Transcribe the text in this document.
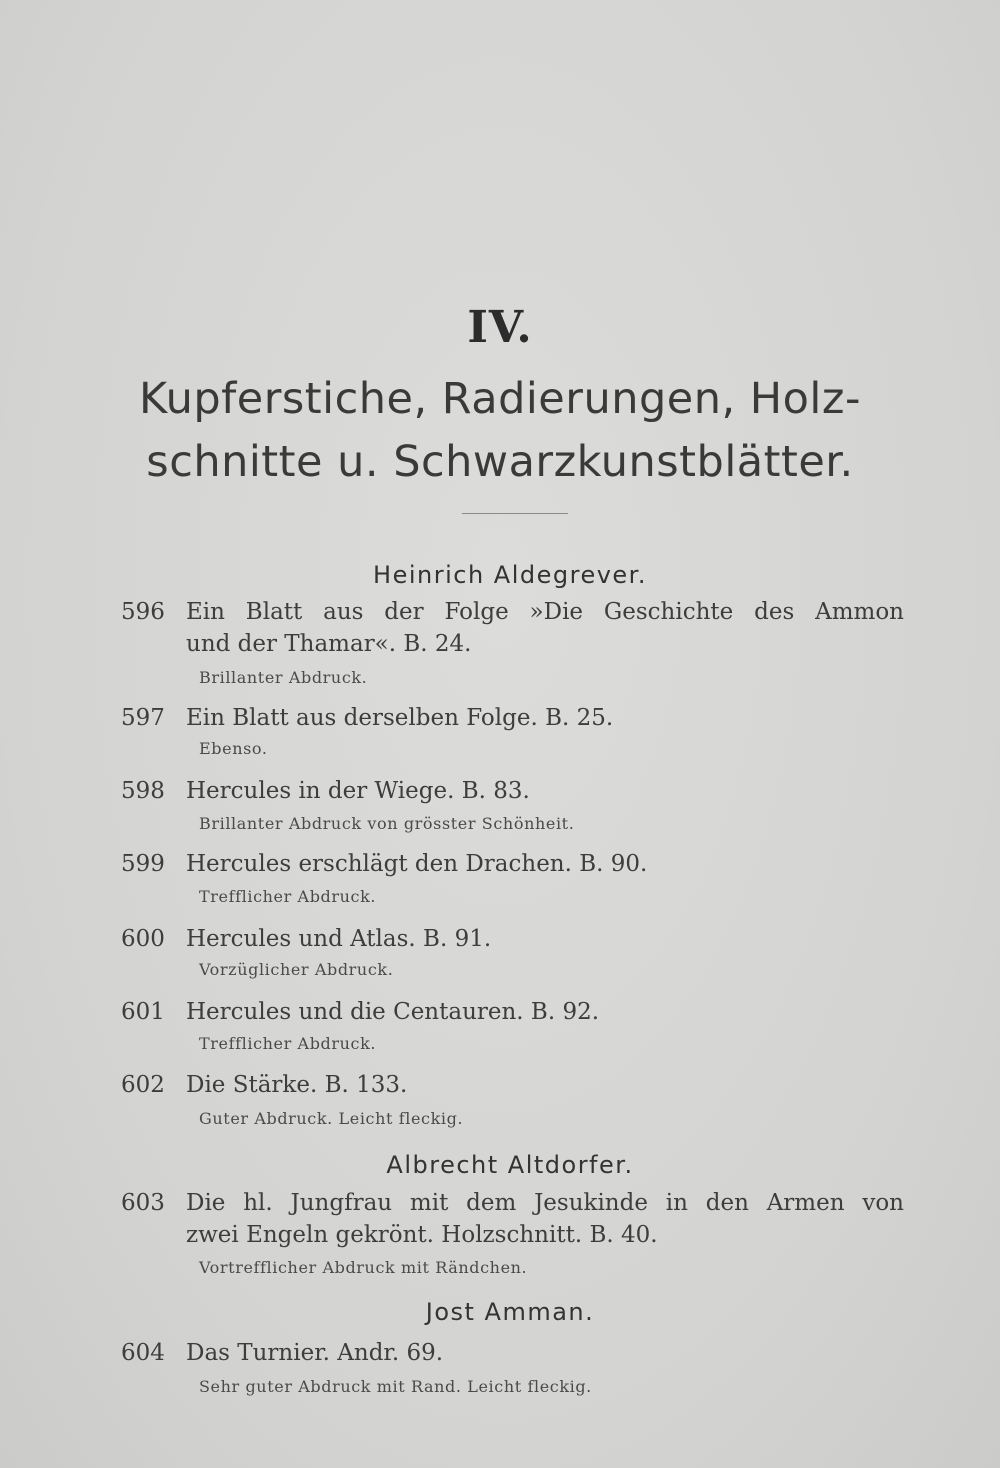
IV.
Kupferstiche, Radierungen, Holz-
schnitte u. Schwarzkunstblätter.
Heinrich Aldegrever.
596 Ein Blatt aus der Folge »Die Geschichte des Ammon
und der Thamar«. B. 24.
Brillanter Abdruck.
597 Ein Blatt aus derselben Folge. B. 25.
Ebenso.
598 Hercules in der Wiege. B. 83.
Brillanter Abdruck von grösster Schönheit.
599 Hercules erschlägt den Drachen. B. 90.
Trefflicher Abdruck.
600 Hercules und Atlas. B. 91.
Vorzüglicher Abdruck.
601 Hercules und die Centauren. B. 92.
Trefflicher Abdruck.
602 Die Stärke. B. 133.
Guter Abdruck. Leicht fleckig.
Albrecht Altdorfer.
603 Die hl. Jungfrau mit dem Jesukinde in den Armen von
zwei Engeln gekrönt. Holzschnitt. B. 40.
Vortrefflicher Abdruck mit Rändchen.
Jost Amman.
604 Das Turnier. Andr. 69.
Sehr guter Abdruck mit Rand. Leicht fleckig.
